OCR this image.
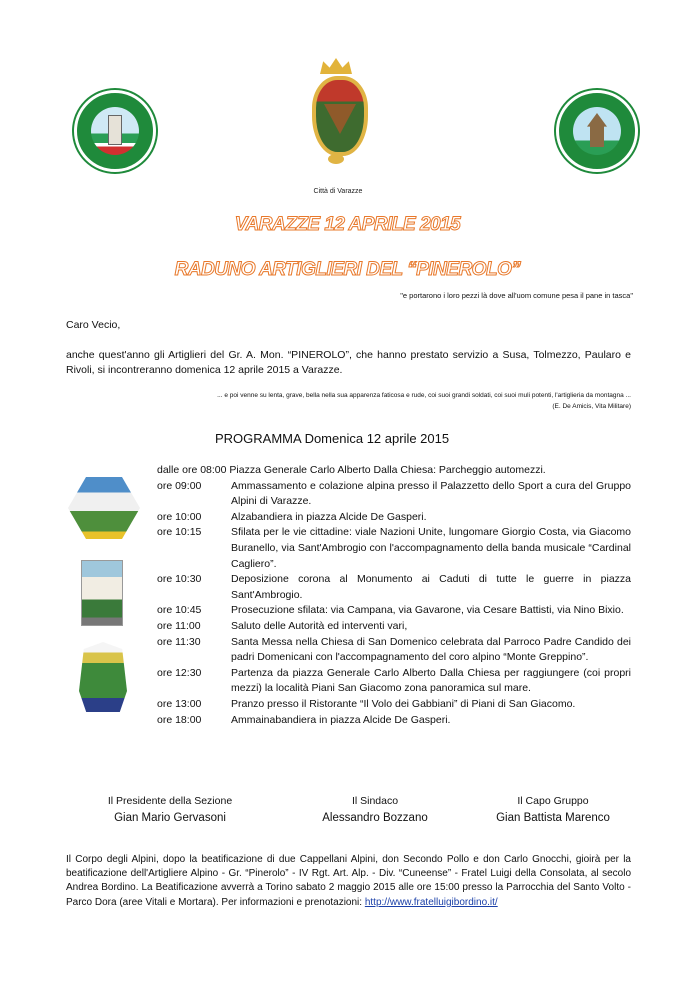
Città di Varazze
VARAZZE 12 APRILE 2015
RADUNO ARTIGLIERI DEL “PINEROLO”
"e portarono i loro pezzi là dove all'uom comune pesa il pane in tasca"
Caro Vecio,
anche quest'anno gli Artiglieri del Gr. A. Mon. “PINEROLO”, che hanno prestato servizio a Susa, Tolmezzo, Paularo e Rivoli, si incontreranno domenica 12 aprile 2015 a Varazze.
... e poi venne su lenta, grave, bella nella sua apparenza faticosa e rude, coi suoi grandi soldati, coi suoi muli potenti, l'artiglieria da montagna ...
(E. De Amicis, Vita Militare)
PROGRAMMA Domenica 12 aprile 2015
dalle ore 08:00 Piazza Generale Carlo Alberto Dalla Chiesa: Parcheggio automezzi.
ore 09:00	Ammassamento e colazione alpina presso il Palazzetto dello Sport a cura del Gruppo Alpini di Varazze.
ore 10:00	Alzabandiera in piazza Alcide De Gasperi.
ore 10:15	Sfilata per le vie cittadine: viale Nazioni Unite, lungomare Giorgio Costa, via Giacomo Buranello, via Sant'Ambrogio con l'accompagnamento della banda musicale “Cardinal Cagliero”.
ore 10:30	Deposizione corona al Monumento ai Caduti di tutte le guerre in piazza Sant'Ambrogio.
ore 10:45	Prosecuzione sfilata: via Campana, via Gavarone, via Cesare Battisti, via Nino Bixio.
ore 11:00	Saluto delle Autorità ed interventi vari,
ore 11:30	Santa Messa nella Chiesa di San Domenico celebrata dal Parroco Padre Candido dei padri Domenicani con l'accompagnamento del coro alpino “Monte Greppino”.
ore 12:30	Partenza da piazza Generale Carlo Alberto Dalla Chiesa per raggiungere (coi propri mezzi) la località Piani San Giacomo zona panoramica sul mare.
ore 13:00	Pranzo presso il Ristorante “Il Volo dei Gabbiani” di Piani di San Giacomo.
ore 18:00	Ammainabandiera in piazza Alcide De Gasperi.
Il Presidente della Sezione
Gian Mario Gervasoni
Il Sindaco
Alessandro Bozzano
Il Capo Gruppo
Gian Battista Marenco
Il Corpo degli Alpini, dopo la beatificazione di due Cappellani Alpini, don Secondo Pollo e don Carlo Gnocchi, gioirà per la beatificazione dell'Artigliere Alpino - Gr. “Pinerolo” - IV Rgt. Art. Alp. - Div. “Cuneense” - Fratel Luigi della Consolata, al secolo Andrea Bordino. La Beatificazione avverrà a Torino sabato 2 maggio 2015 alle ore 15:00 presso la Parrocchia del Santo Volto - Parco Dora (aree Vitali e Mortara). Per informazioni e prenotazioni: http://www.fratelluigibordino.it/
